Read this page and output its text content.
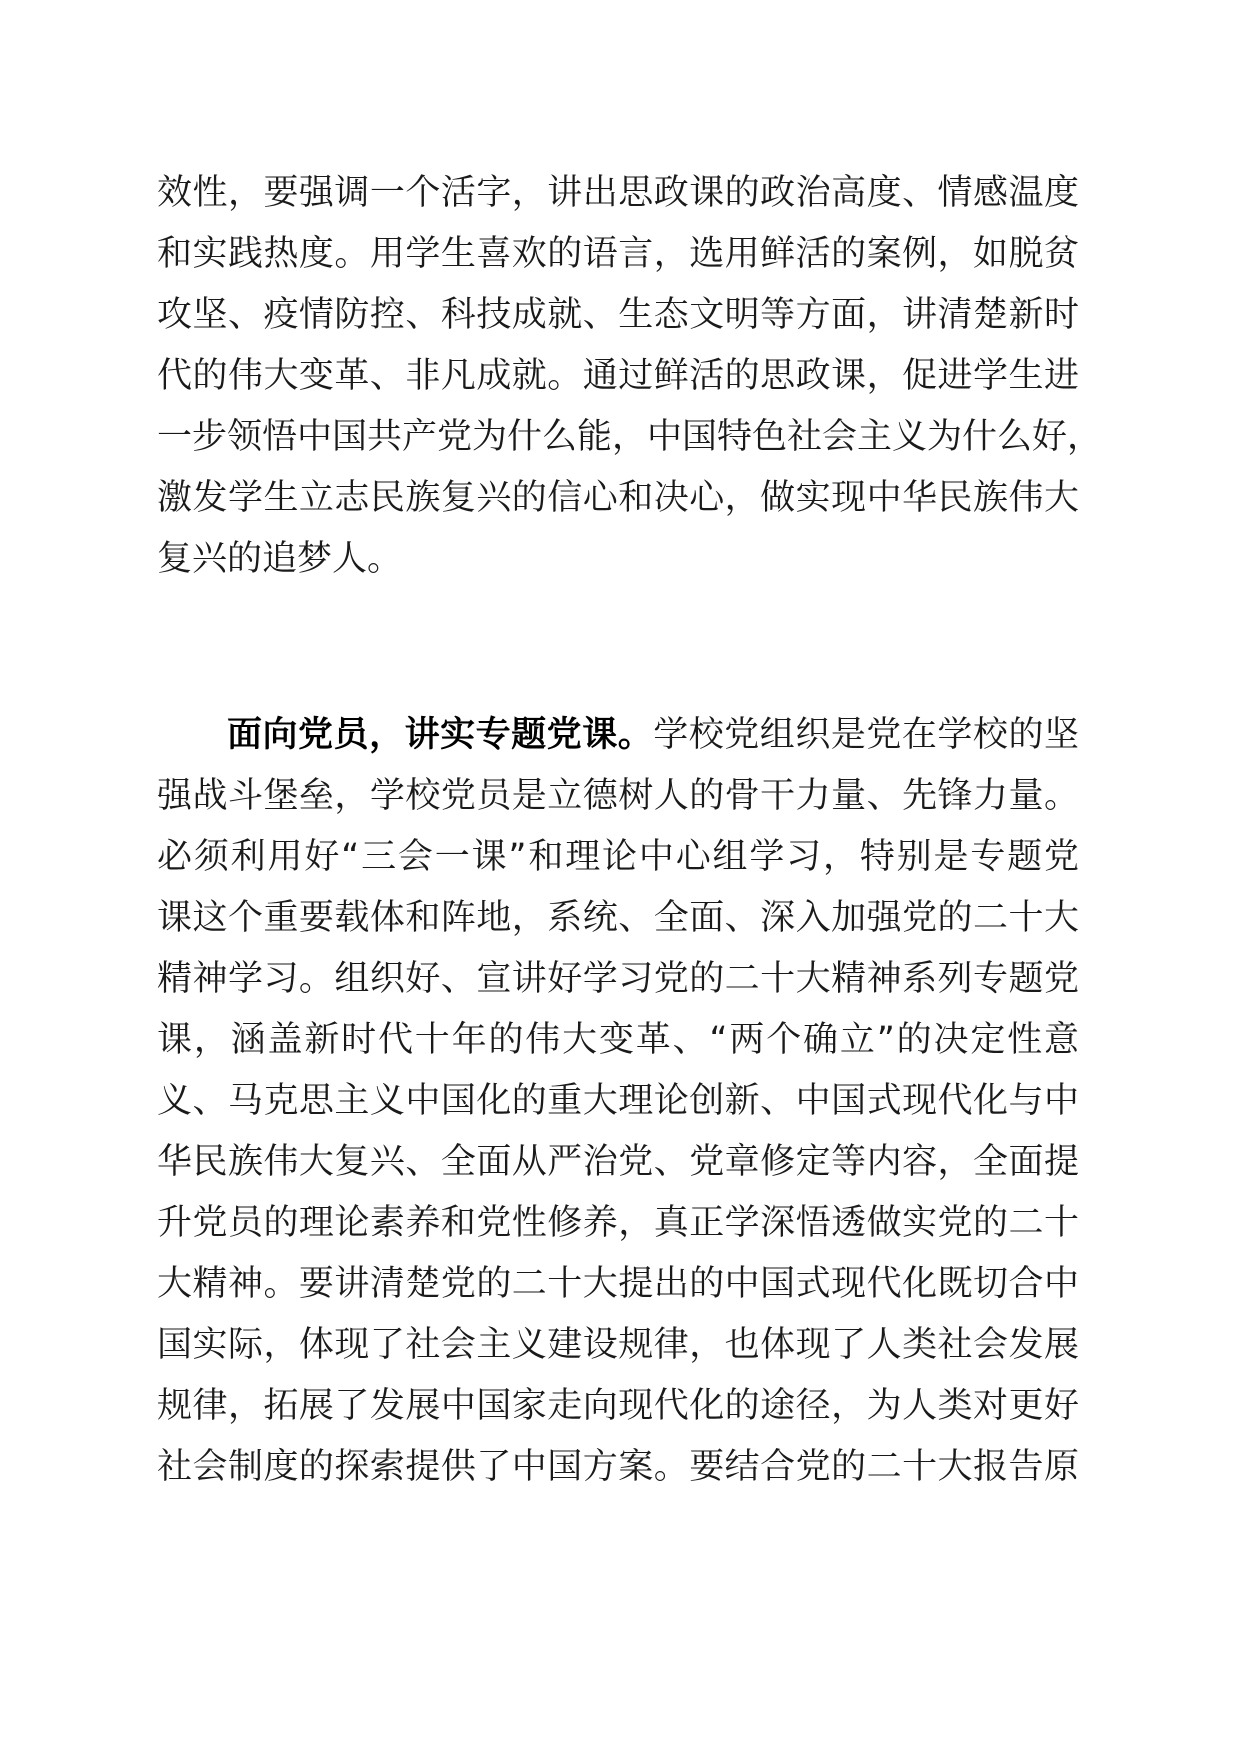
效性，要强调一个活字，讲出思政课的政治高度、情感温度
和实践热度。用学生喜欢的语言，选用鲜活的案例，如脱贫
攻坚、疫情防控、科技成就、生态文明等方面，讲清楚新时
代的伟大变革、非凡成就。通过鲜活的思政课，促进学生进
一步领悟中国共产党为什么能，中国特色社会主义为什么好，
激发学生立志民族复兴的信心和决心，做实现中华民族伟大
复兴的追梦人。
面向党员，讲实专题党课。学校党组织是党在学校的坚
强战斗堡垒，学校党员是立德树人的骨干力量、先锋力量。
必须利用好“三会一课”和理论中心组学习，特别是专题党
课这个重要载体和阵地，系统、全面、深入加强党的二十大
精神学习。组织好、宣讲好学习党的二十大精神系列专题党
课，涵盖新时代十年的伟大变革、“两个确立”的决定性意
义、马克思主义中国化的重大理论创新、中国式现代化与中
华民族伟大复兴、全面从严治党、党章修定等内容，全面提
升党员的理论素养和党性修养，真正学深悟透做实党的二十
大精神。要讲清楚党的二十大提出的中国式现代化既切合中
国实际，体现了社会主义建设规律，也体现了人类社会发展
规律，拓展了发展中国家走向现代化的途径，为人类对更好
社会制度的探索提供了中国方案。要结合党的二十大报告原
